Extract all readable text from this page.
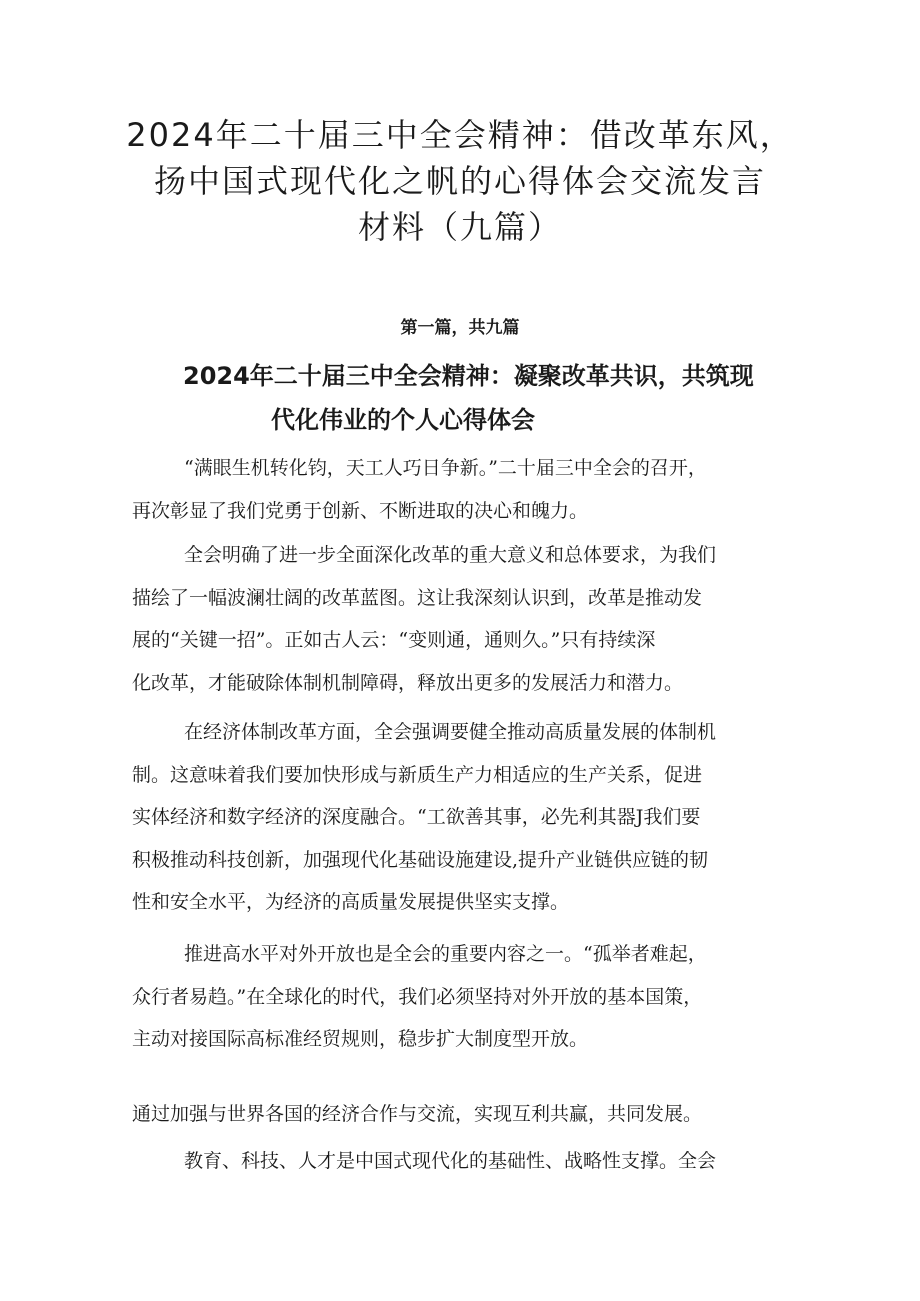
2024年二十届三中全会精神：借改革东风，
扬中国式现代化之帆的心得体会交流发言
材料（九篇）

第一篇，共九篇

2024年二十届三中全会精神：凝聚改革共识，共筑现
代化伟业的个人心得体会

“满眼生机转化钧，天工人巧日争新。”二十届三中全会的召开，
再次彰显了我们党勇于创新、不断进取的决心和魄力。

全会明确了进一步全面深化改革的重大意义和总体要求，为我们
描绘了一幅波澜壮阔的改革蓝图。这让我深刻认识到，改革是推动发
展的“关键一招”。正如古人云：“变则通，通则久。”只有持续深
化改革，才能破除体制机制障碍，释放出更多的发展活力和潜力。

在经济体制改革方面，全会强调要健全推动高质量发展的体制机
制。这意味着我们要加快形成与新质生产力相适应的生产关系，促进
实体经济和数字经济的深度融合。“工欲善其事，必先利其器J我们要
积极推动科技创新，加强现代化基础设施建设,提升产业链供应链的韧
性和安全水平，为经济的高质量发展提供坚实支撑。

推进高水平对外开放也是全会的重要内容之一。“孤举者难起，
众行者易趋。”在全球化的时代，我们必须坚持对外开放的基本国策，
主动对接国际高标准经贸规则，稳步扩大制度型开放。

通过加强与世界各国的经济合作与交流，实现互利共赢，共同发展。

教育、科技、人才是中国式现代化的基础性、战略性支撑。全会
